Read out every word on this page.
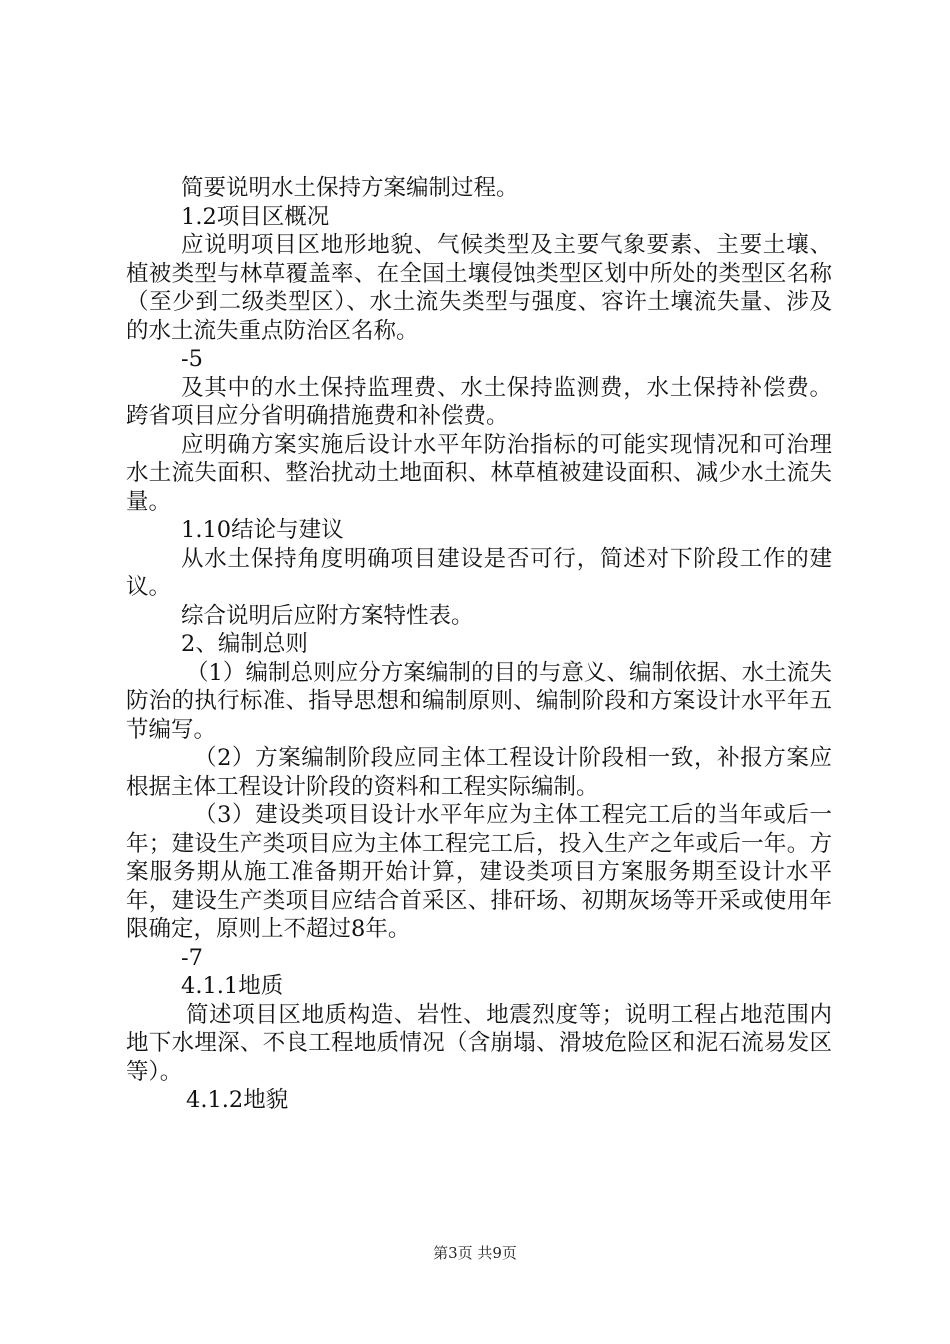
简要说明水土保持方案编制过程。

1.2项目区概况

应说明项目区地形地貌、气候类型及主要气象要素、主要土壤、植被类型与林草覆盖率、在全国土壤侵蚀类型区划中所处的类型区名称（至少到二级类型区）、水土流失类型与强度、容许土壤流失量、涉及的水土流失重点防治区名称。

-5

及其中的水土保持监理费、水土保持监测费，水土保持补偿费。跨省项目应分省明确措施费和补偿费。

应明确方案实施后设计水平年防治指标的可能实现情况和可治理水土流失面积、整治扰动土地面积、林草植被建设面积、减少水土流失量。

1.10结论与建议

从水土保持角度明确项目建设是否可行，简述对下阶段工作的建议。

综合说明后应附方案特性表。

2、编制总则

（1）编制总则应分方案编制的目的与意义、编制依据、水土流失防治的执行标准、指导思想和编制原则、编制阶段和方案设计水平年五节编写。

（2）方案编制阶段应同主体工程设计阶段相一致，补报方案应根据主体工程设计阶段的资料和工程实际编制。

（3）建设类项目设计水平年应为主体工程完工后的当年或后一年；建设生产类项目应为主体工程完工后，投入生产之年或后一年。方案服务期从施工准备期开始计算，建设类项目方案服务期至设计水平年，建设生产类项目应结合首采区、排矸场、初期灰场等开采或使用年限确定，原则上不超过8年。

-7

4.1.1地质

简述项目区地质构造、岩性、地震烈度等；说明工程占地范围内地下水埋深、不良工程地质情况（含崩塌、滑坡危险区和泥石流易发区等）。

4.1.2地貌

第3页 共9页
